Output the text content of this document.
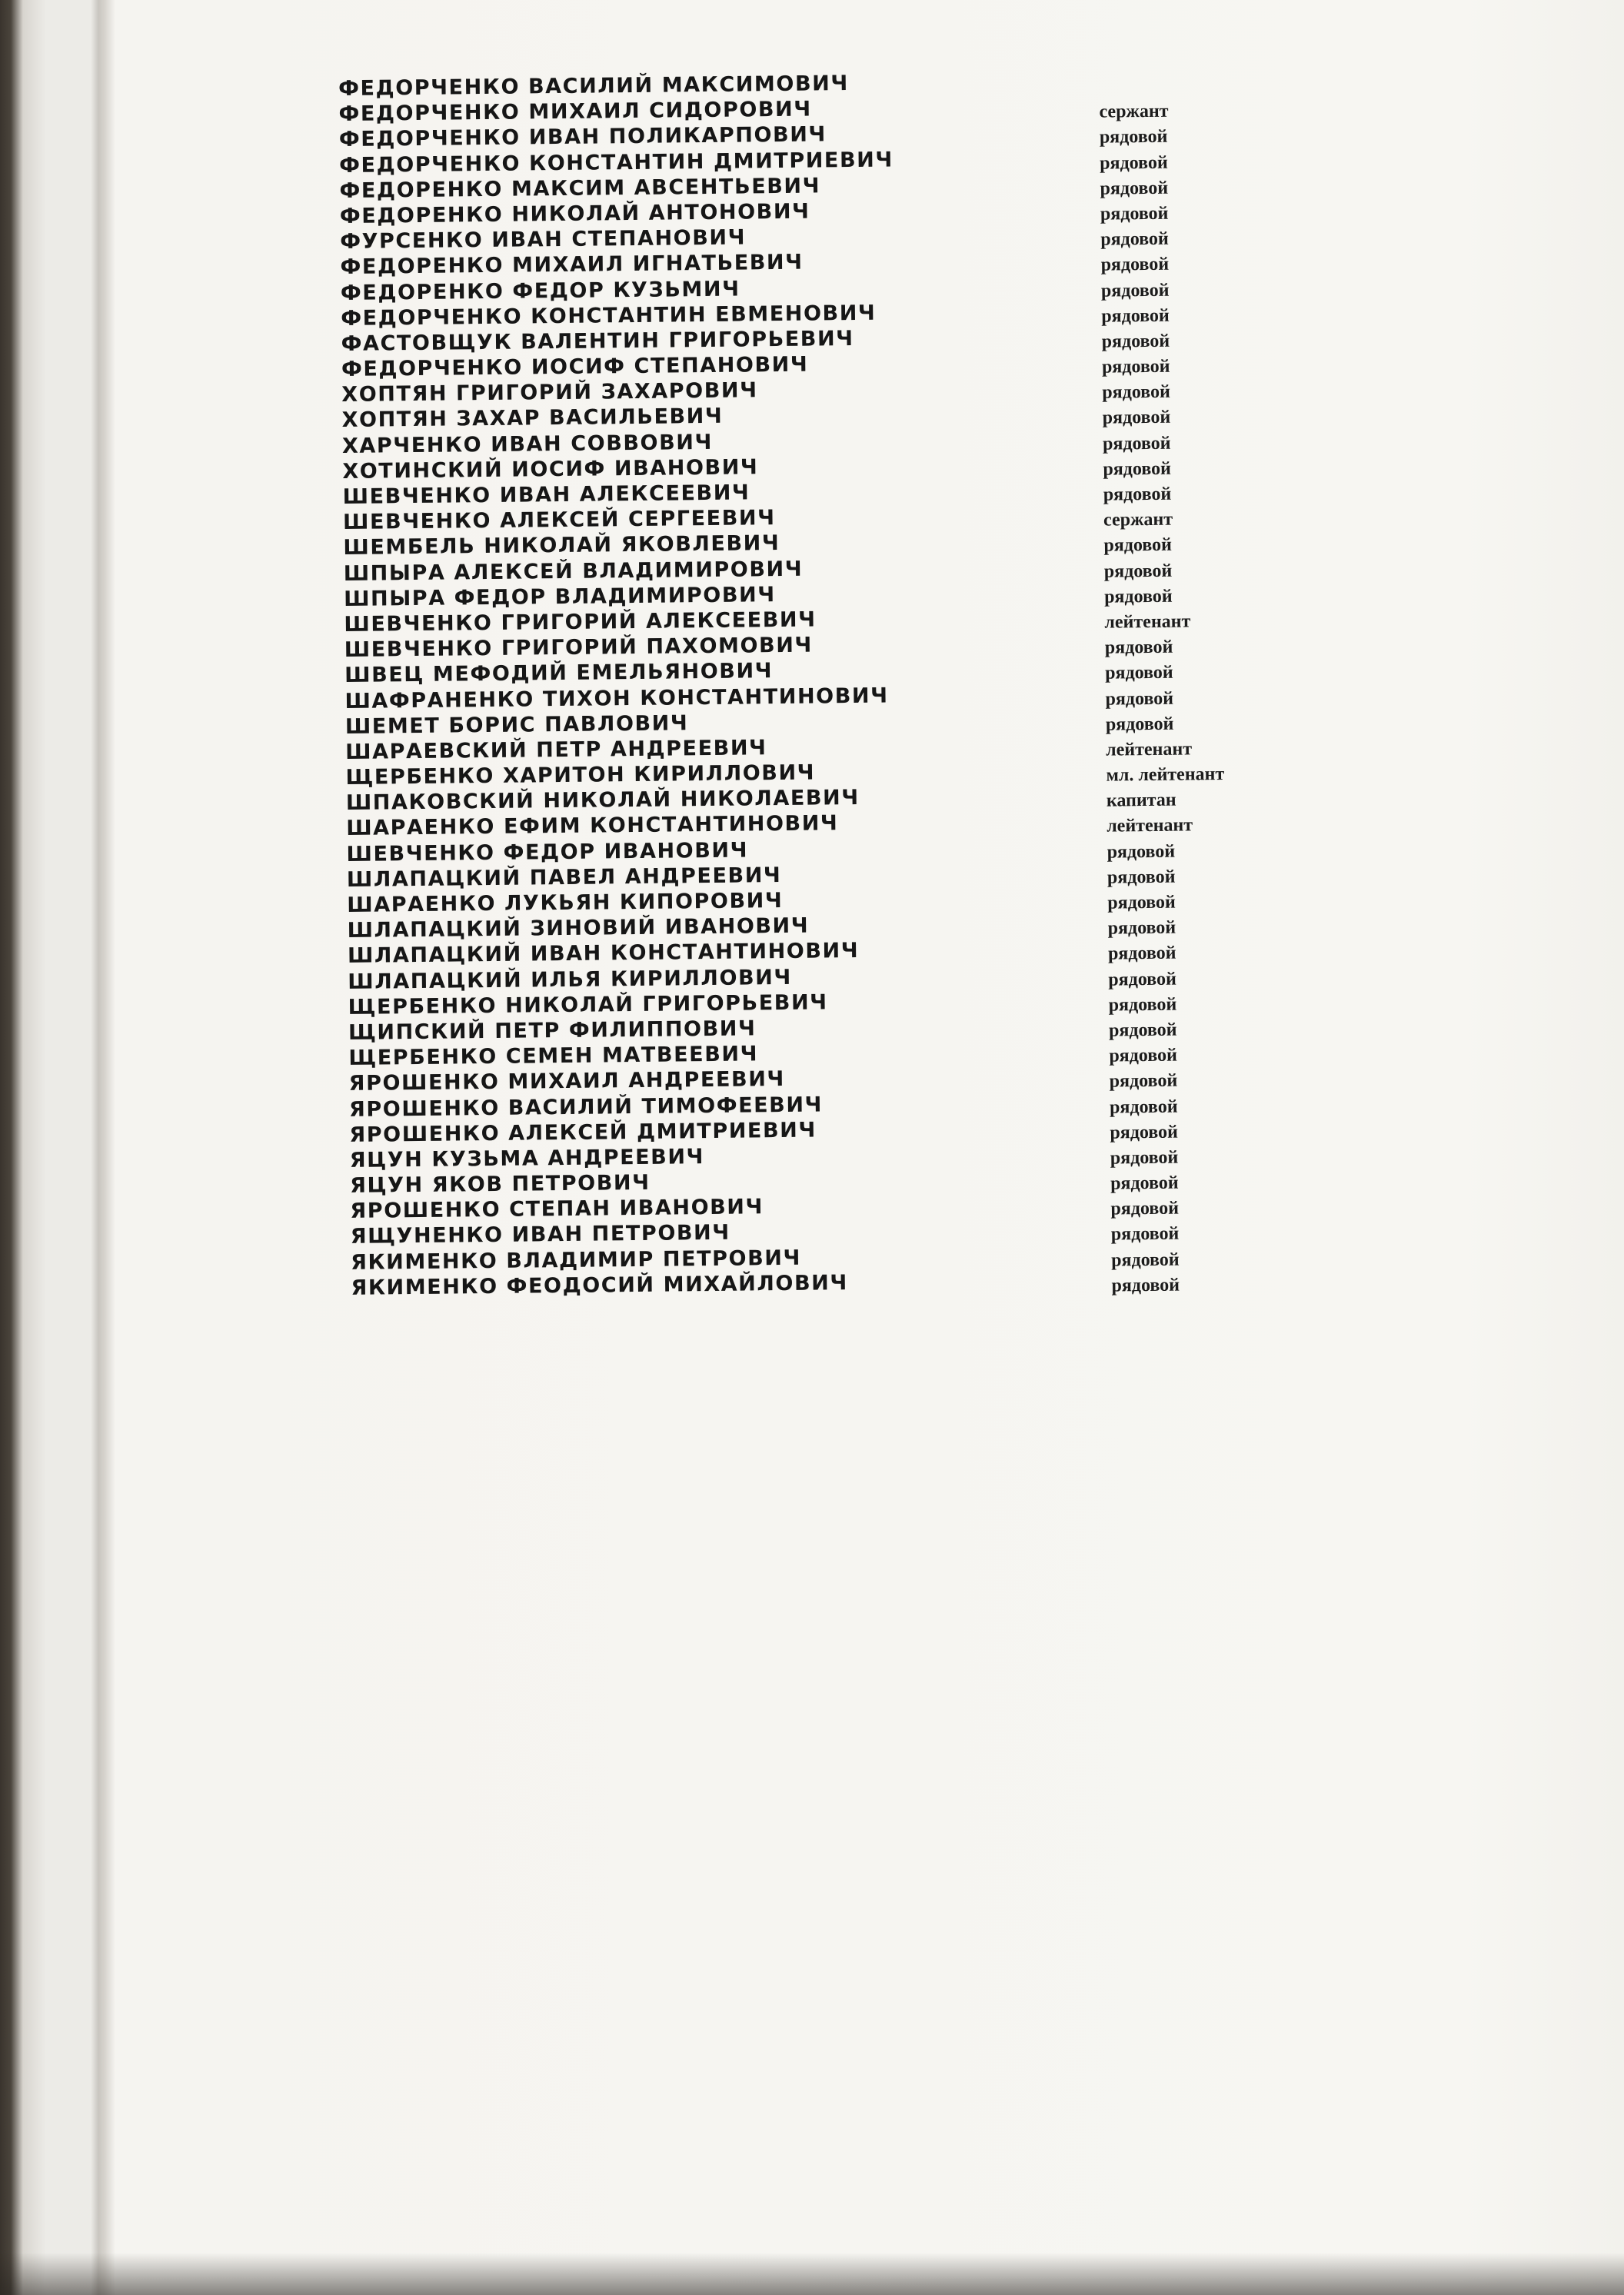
ФЕДОРЧЕНКО ВАСИЛИЙ МАКСИМОВИЧ
ФЕДОРЧЕНКО МИХАИЛ СИДОРОВИЧ	сержант
ФЕДОРЧЕНКО ИВАН ПОЛИКАРПОВИЧ	рядовой
ФЕДОРЧЕНКО КОНСТАНТИН ДМИТРИЕВИЧ	рядовой
ФЕДОРЕНКО МАКСИМ АВСЕНТЬЕВИЧ	рядовой
ФЕДОРЕНКО НИКОЛАЙ АНТОНОВИЧ	рядовой
ФУРСЕНКО ИВАН СТЕПАНОВИЧ	рядовой
ФЕДОРЕНКО МИХАИЛ ИГНАТЬЕВИЧ	рядовой
ФЕДОРЕНКО ФЕДОР КУЗЬМИЧ	рядовой
ФЕДОРЧЕНКО КОНСТАНТИН ЕВМЕНОВИЧ	рядовой
ФАСТОВЩУК ВАЛЕНТИН ГРИГОРЬЕВИЧ	рядовой
ФЕДОРЧЕНКО ИОСИФ СТЕПАНОВИЧ	рядовой
ХОПТЯН ГРИГОРИЙ ЗАХАРОВИЧ	рядовой
ХОПТЯН ЗАХАР ВАСИЛЬЕВИЧ	рядовой
ХАРЧЕНКО ИВАН СОВВОВИЧ	рядовой
ХОТИНСКИЙ ИОСИФ ИВАНОВИЧ	рядовой
ШЕВЧЕНКО ИВАН АЛЕКСЕЕВИЧ	рядовой
ШЕВЧЕНКО АЛЕКСЕЙ СЕРГЕЕВИЧ	сержант
ШЕМБЕЛЬ НИКОЛАЙ ЯКОВЛЕВИЧ	рядовой
ШПЫРА АЛЕКСЕЙ ВЛАДИМИРОВИЧ	рядовой
ШПЫРА ФЕДОР ВЛАДИМИРОВИЧ	рядовой
ШЕВЧЕНКО ГРИГОРИЙ АЛЕКСЕЕВИЧ	лейтенант
ШЕВЧЕНКО ГРИГОРИЙ ПАХОМОВИЧ	рядовой
ШВЕЦ МЕФОДИЙ ЕМЕЛЬЯНОВИЧ	рядовой
ШАФРАНЕНКО ТИХОН КОНСТАНТИНОВИЧ	рядовой
ШЕМЕТ БОРИС ПАВЛОВИЧ	рядовой
ШАРАЕВСКИЙ ПЕТР АНДРЕЕВИЧ	лейтенант
ЩЕРБЕНКО ХАРИТОН КИРИЛЛОВИЧ	мл. лейтенант
ШПАКОВСКИЙ НИКОЛАЙ НИКОЛАЕВИЧ	капитан
ШАРАЕНКО ЕФИМ КОНСТАНТИНОВИЧ	лейтенант
ШЕВЧЕНКО ФЕДОР ИВАНОВИЧ	рядовой
ШЛАПАЦКИЙ ПАВЕЛ АНДРЕЕВИЧ	рядовой
ШАРАЕНКО ЛУКЬЯН КИПОРОВИЧ	рядовой
ШЛАПАЦКИЙ ЗИНОВИЙ ИВАНОВИЧ	рядовой
ШЛАПАЦКИЙ ИВАН КОНСТАНТИНОВИЧ	рядовой
ШЛАПАЦКИЙ ИЛЬЯ КИРИЛЛОВИЧ	рядовой
ЩЕРБЕНКО НИКОЛАЙ ГРИГОРЬЕВИЧ	рядовой
ЩИПСКИЙ ПЕТР ФИЛИППОВИЧ	рядовой
ЩЕРБЕНКО СЕМЕН МАТВЕЕВИЧ	рядовой
ЯРОШЕНКО МИХАИЛ АНДРЕЕВИЧ	рядовой
ЯРОШЕНКО ВАСИЛИЙ ТИМОФЕЕВИЧ	рядовой
ЯРОШЕНКО АЛЕКСЕЙ ДМИТРИЕВИЧ	рядовой
ЯЦУН КУЗЬМА АНДРЕЕВИЧ	рядовой
ЯЦУН ЯКОВ ПЕТРОВИЧ	рядовой
ЯРОШЕНКО СТЕПАН ИВАНОВИЧ	рядовой
ЯЩУНЕНКО ИВАН ПЕТРОВИЧ	рядовой
ЯКИМЕНКО ВЛАДИМИР ПЕТРОВИЧ	рядовой
ЯКИМЕНКО ФЕОДОСИЙ МИХАЙЛОВИЧ	рядовой
